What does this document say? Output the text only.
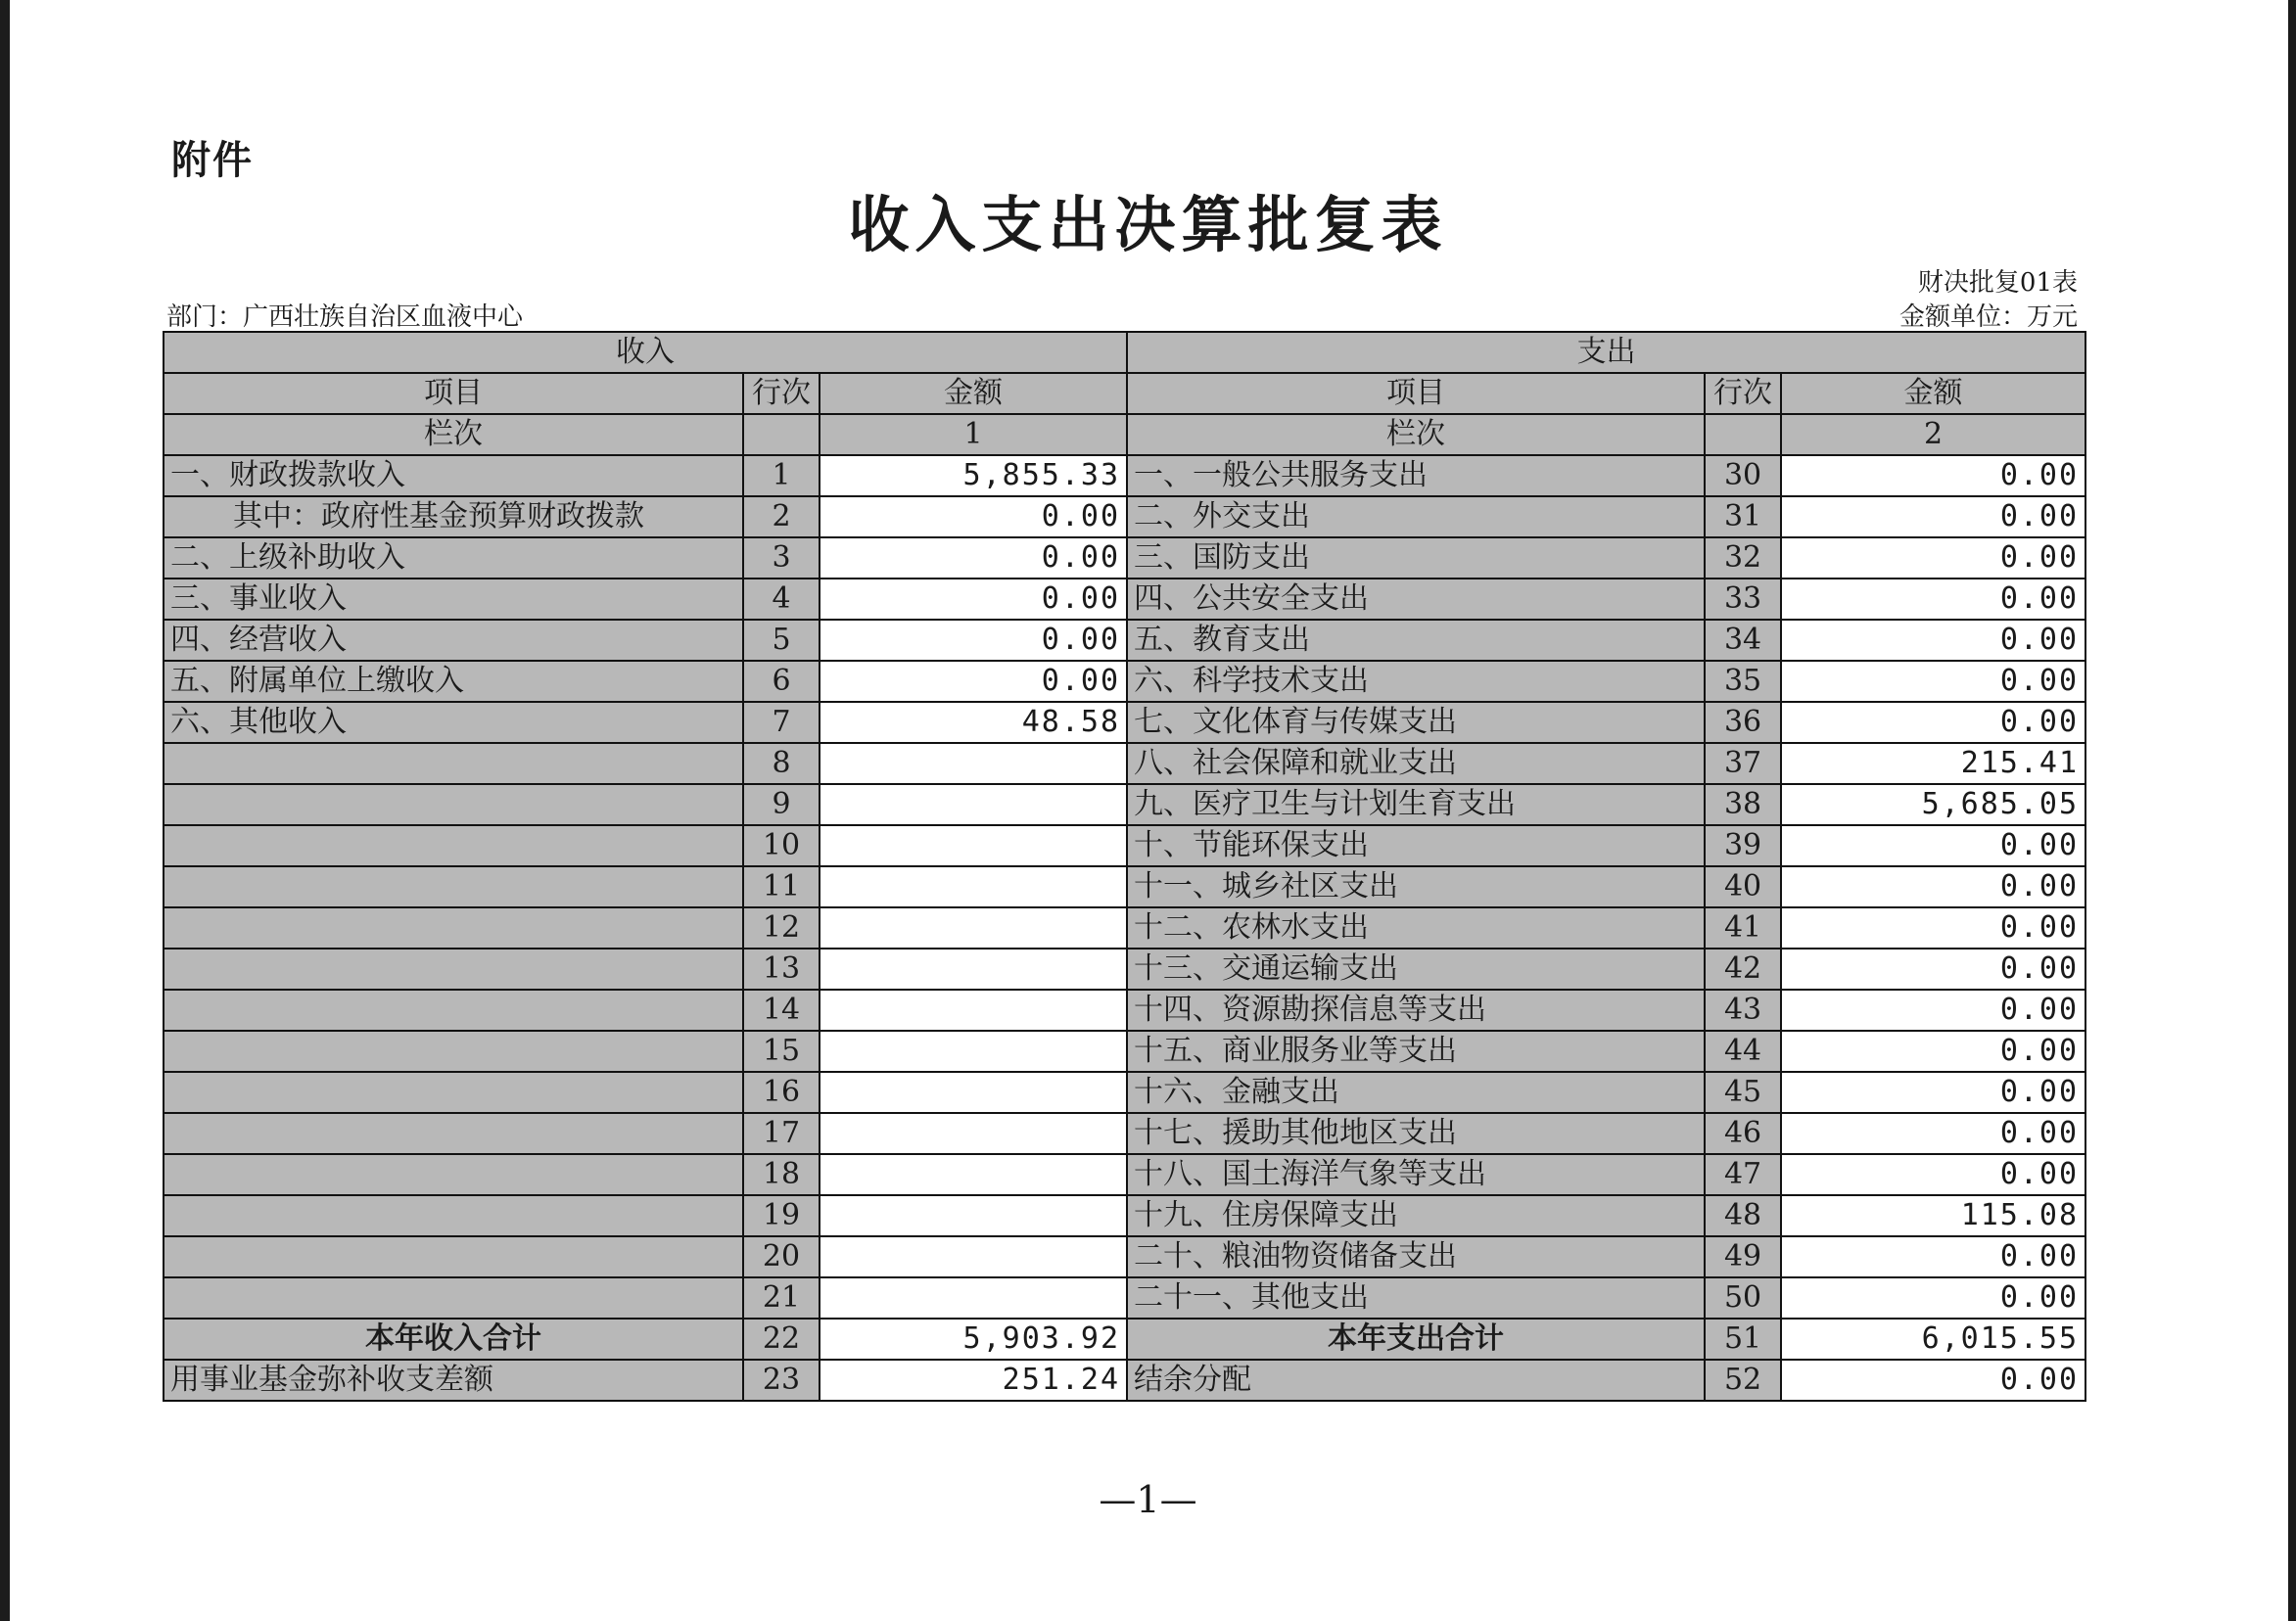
附件
收入支出决算批复表
财决批复01表
金额单位：万元
部门：广西壮族自治区血液中心
收入			支出		
项目	行次	金额	项目	行次	金额
栏次		1	栏次		2
一、财政拨款收入	1	5,855.33	一、一般公共服务支出	30	0.00
其中：政府性基金预算财政拨款	2	0.00	二、外交支出	31	0.00
二、上级补助收入	3	0.00	三、国防支出	32	0.00
三、事业收入	4	0.00	四、公共安全支出	33	0.00
四、经营收入	5	0.00	五、教育支出	34	0.00
五、附属单位上缴收入	6	0.00	六、科学技术支出	35	0.00
六、其他收入	7	48.58	七、文化体育与传媒支出	36	0.00
	8		八、社会保障和就业支出	37	215.41
	9		九、医疗卫生与计划生育支出	38	5,685.05
	10		十、节能环保支出	39	0.00
	11		十一、城乡社区支出	40	0.00
	12		十二、农林水支出	41	0.00
	13		十三、交通运输支出	42	0.00
	14		十四、资源勘探信息等支出	43	0.00
	15		十五、商业服务业等支出	44	0.00
	16		十六、金融支出	45	0.00
	17		十七、援助其他地区支出	46	0.00
	18		十八、国土海洋气象等支出	47	0.00
	19		十九、住房保障支出	48	115.08
	20		二十、粮油物资储备支出	49	0.00
	21		二十一、其他支出	50	0.00
本年收入合计	22	5,903.92	本年支出合计	51	6,015.55
用事业基金弥补收支差额	23	251.24	结余分配	52	0.00
—1—
